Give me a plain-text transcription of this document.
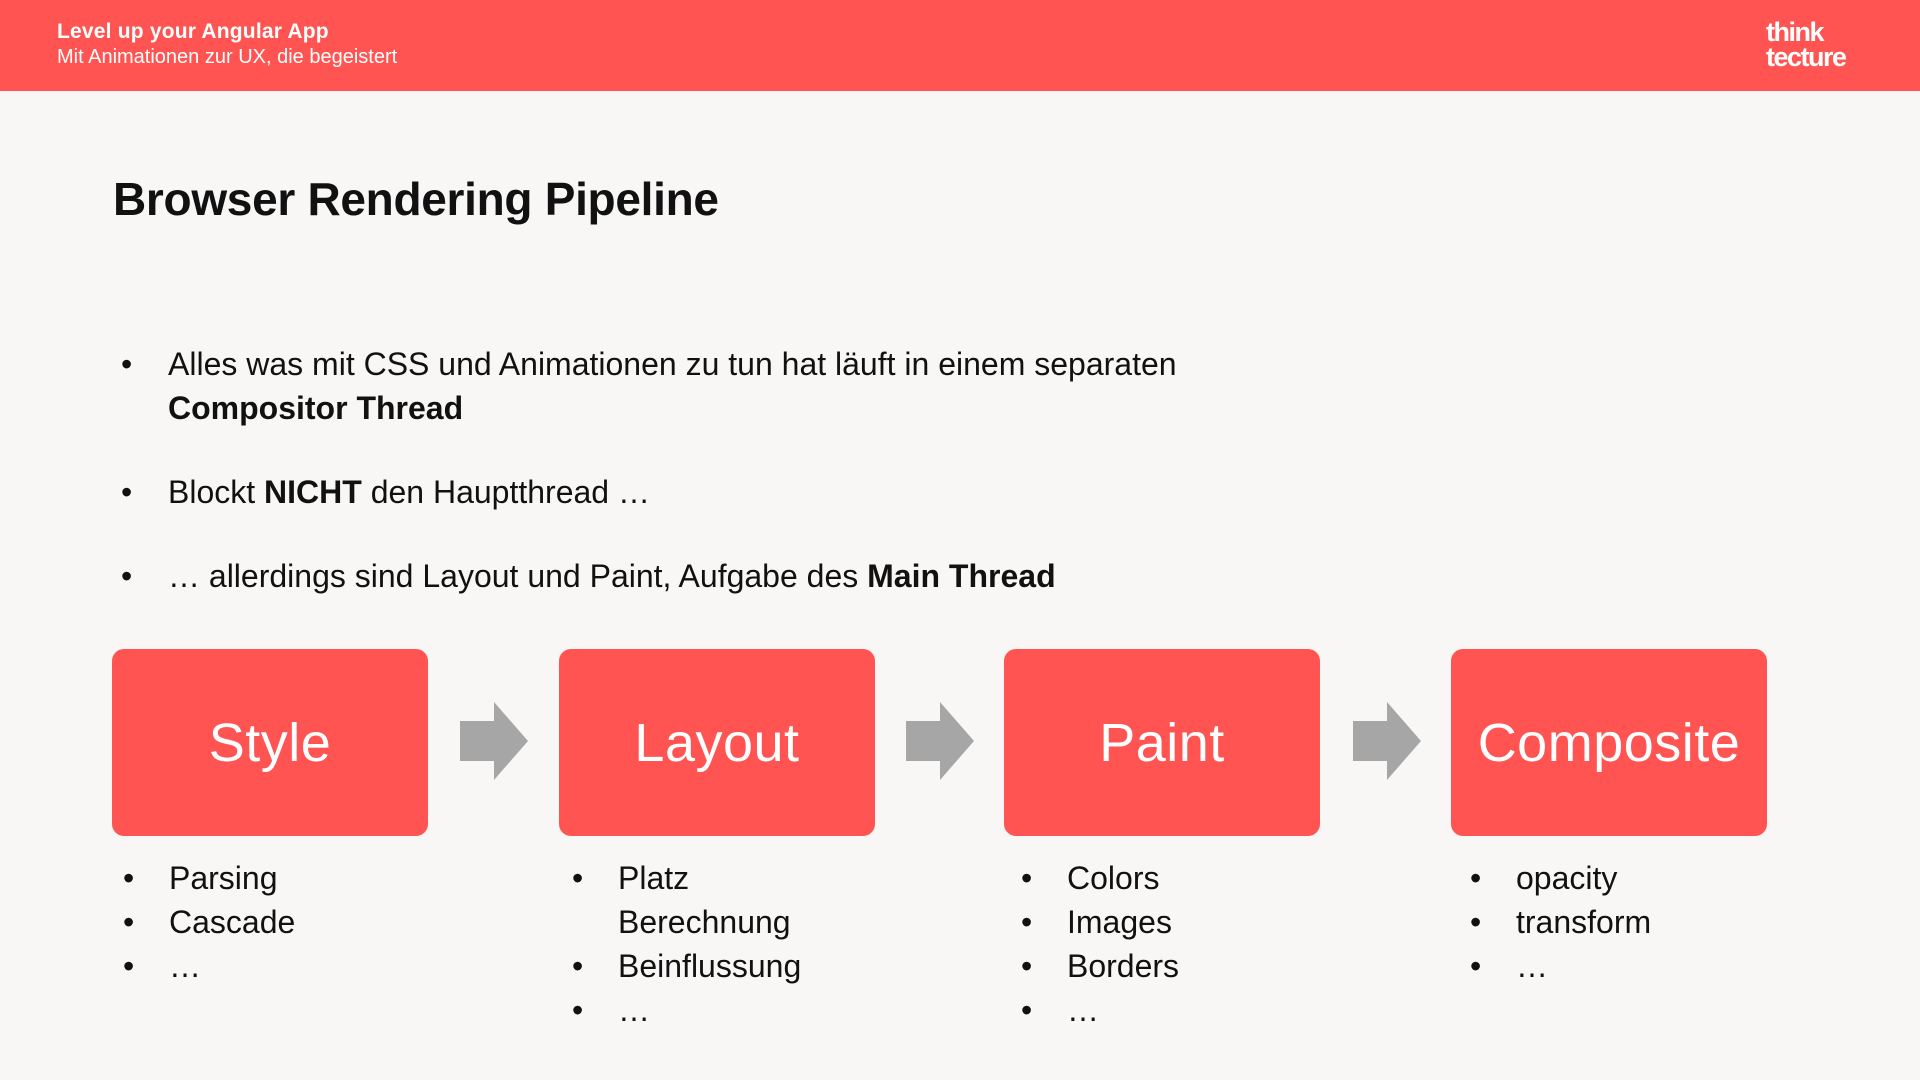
Level up your Angular App
Mit Animationen zur UX, die begeistert
think
tecture
Browser Rendering Pipeline
• Alles was mit CSS und Animationen zu tun hat läuft in einem separaten
Compositor Thread
• Blockt NICHT den Hauptthread …
• … allerdings sind Layout und Paint, Aufgabe des Main Thread
Style	Layout	Paint	Composite
• Parsing
• Cascade
• …
• Platz Berechnung
• Beinflussung
• …
• Colors
• Images
• Borders
• …
• opacity
• transform
• …
